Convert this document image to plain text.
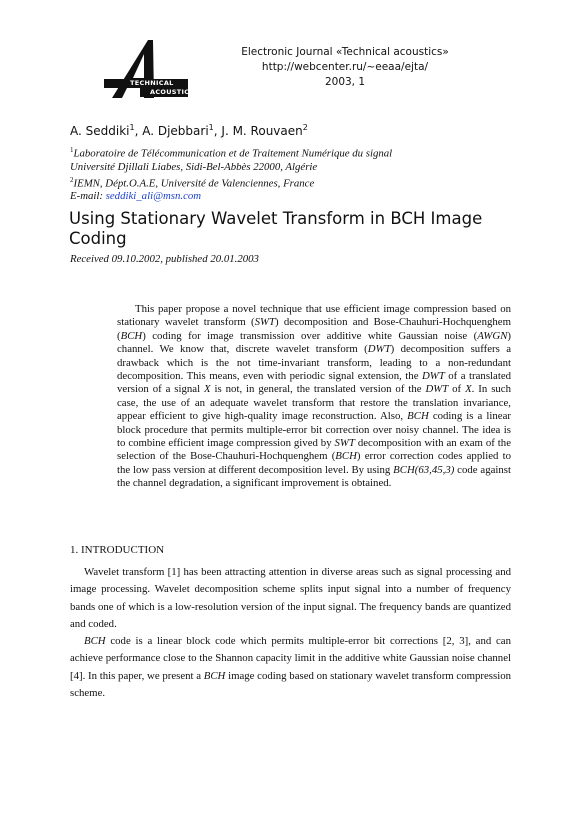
TECHNICAL
ACOUSTICS
Electronic Journal «Technical acoustics»
http://webcenter.ru/~eeaa/ejta/
2003, 1
A. Seddiki$^1$, A. Djebbari$^1$, J. M. Rouvaen$^2$
$^1$Laboratoire de Télécommunication et de Traitement Numérique du signal
Université Djillali Liabes, Sidi-Bel-Abbès 22000, Algérie
$^2$IEMN, Dépt.O.A.E, Université de Valenciennes, France
E-mail: seddiki_ali@msn.com
Using Stationary Wavelet Transform in BCH Image Coding
Received 09.10.2002, published 20.01.2003
This paper propose a novel technique that use efficient image compression based on stationary wavelet transform (SWT) decomposition and Bose-Chauhuri-Hochquenghem (BCH) coding for image transmission over additive white Gaussian noise (AWGN) channel. We know that, discrete wavelet transform (DWT) decomposition suffers a drawback which is the not time-invariant transform, leading to a non-redundant decomposition. This means, even with periodic signal extension, the DWT of a translated version of a signal X is not, in general, the translated version of the DWT of X. In such case, the use of an adequate wavelet transform that restore the translation invariance, appear efficient to give high-quality image reconstruction. Also, BCH coding is a linear block procedure that permits multiple-error bit correction over noisy channel. The idea is to combine efficient image compression gived by SWT decomposition with an exam of the selection of the Bose-Chauhuri-Hochquenghem (BCH) error correction codes applied to the low pass version at different decomposition level. By using BCH(63,45,3) code against the channel degradation, a significant improvement is obtained.
1. INTRODUCTION

Wavelet transform [1] has been attracting attention in diverse areas such as signal processing and image processing. Wavelet decomposition scheme splits input signal into a number of frequency bands one of which is a low-resolution version of the input signal. The frequency bands are quantized and coded.

BCH code is a linear block code which permits multiple-error bit corrections [2, 3], and can achieve performance close to the Shannon capacity limit in the additive white Gaussian noise channel [4]. In this paper, we present a BCH image coding based on stationary wavelet transform compression scheme.
